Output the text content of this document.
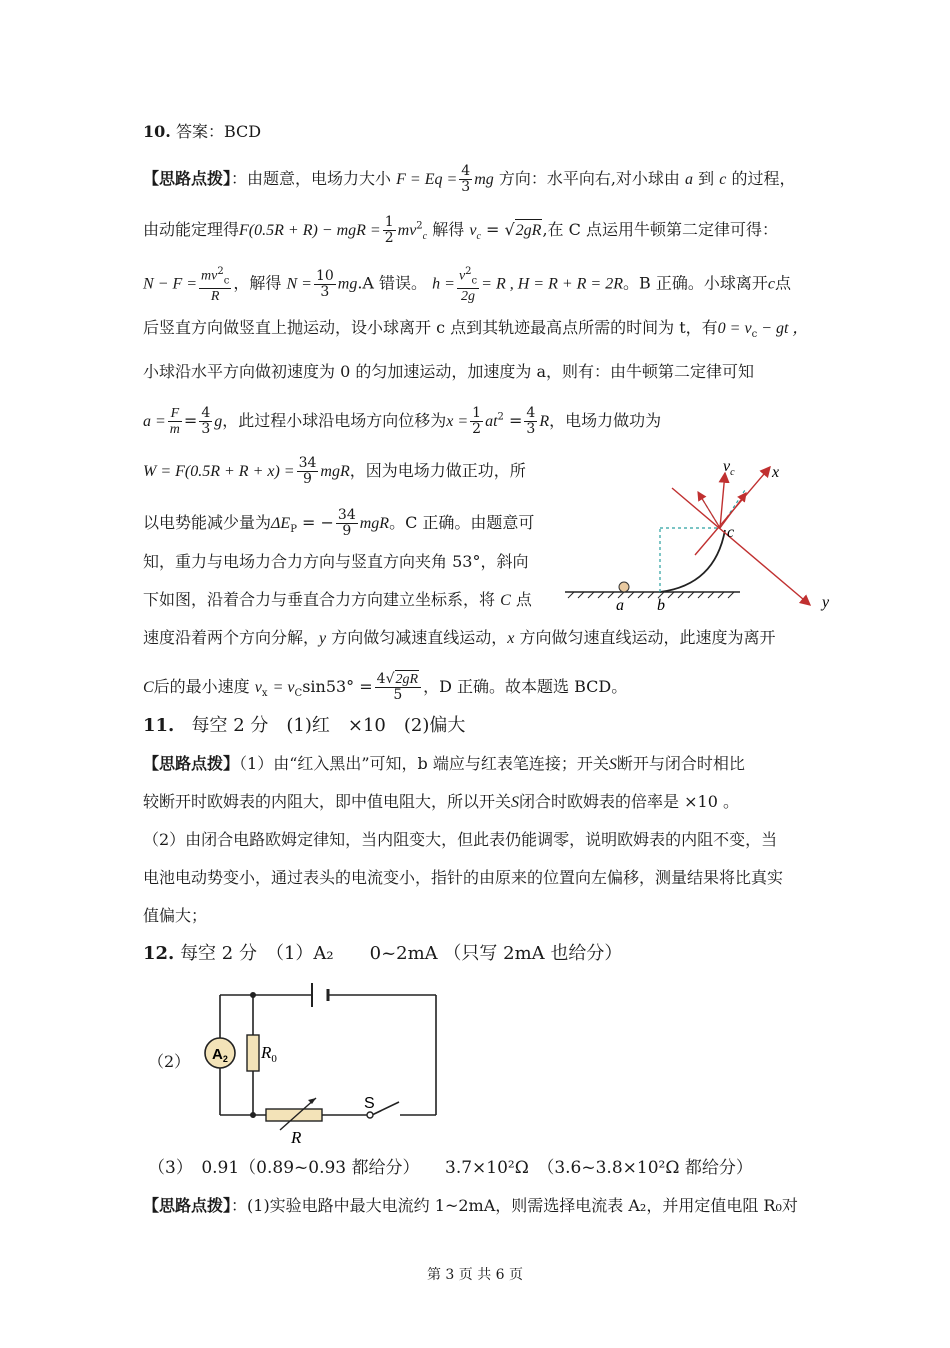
10. 答案：BCD
【思路点拨】：由题意，电场力大小 $F = Eq = \frac{4}{3}$ mg 方向：水平向右,对小球由 a 到 c 的过程，
由动能定理得F(0.5R + R) − mgR = $\frac{1}{2} mv^2_c$ 解得 $v_c = √2gR$,在 C 点运用牛顿第二定律可得：
$N - F = \frac{mv^2_c}{R}$ ，解得 $N = \frac{10}{3} mg.A$ 错误。 $h = \frac{v^2_c}{2g} = R$ , H = R + R = 2R。B 正确。小球离开c点
后竖直方向做竖直上抛运动，设小球离开 c 点到其轨迹最高点所需的时间为 t，有$0 = v_c$ − gt ，
小球沿水平方向做初速度为 0 的匀加速运动，加速度为 a，则有：由牛顿第二定律可知
$a = \frac{F}{m} = \frac{4}{3}$ g，此过程小球沿电场方向位移为$x = \frac{1}{2} at^2 = \frac{4}{3}$ R，电场力做功为
$W = F(0.5R + R + x) = \frac{34}{9}$ mgR，因为电场力做正功，所
以电势能减少量为$\Delta E_P$ = − $\frac{34}{9}$ mgR。C 正确。由题意可
知，重力与电场力合力方向与竖直方向夹角 53°，斜向
下如图，沿着合力与垂直合力方向建立坐标系，将 C 点
速度沿着两个方向分解，y 方向做匀减速直线运动，x 方向做匀速直线运动，此速度为离开
C后的最小速度 $v_x = v_C\sin 53^\circ = \frac{4√2gR}{5}$ ，D 正确。故本题选 BCD。
$v_c$ x
y
c
a b
11. 每空 2 分　(1)红　×10　(2)偏大
【思路点拨】（1）由“红入黑出”可知，b 端应与红表笔连接；开关S断开与闭合时相比
较断开时欧姆表的内阻大，即中值电阻大，所以开关S闭合时欧姆表的倍率是 ×10 。
（2）由闭合电路欧姆定律知，当内阻变大，但此表仍能调零，说明欧姆表的内阻不变，当
电池电动势变小，通过表头的电流变小，指针的由原来的位置向左偏移，测量结果将比真实
值偏大；
12. 每空 2 分　（1）A₂　　0~2mA （只写 2mA 也给分）
（2） $A_2$ $R_0$
R
S
（3）　0.91（0.89~0.93 都给分）　　3.7×10²Ω　（3.6~3.8×10²Ω 都给分）
【思路点拨】：(1)实验电路中最大电流约 1~2mA，则需选择电流表 A₂，并用定值电阻 R₀对
第 3 页 共 6 页
